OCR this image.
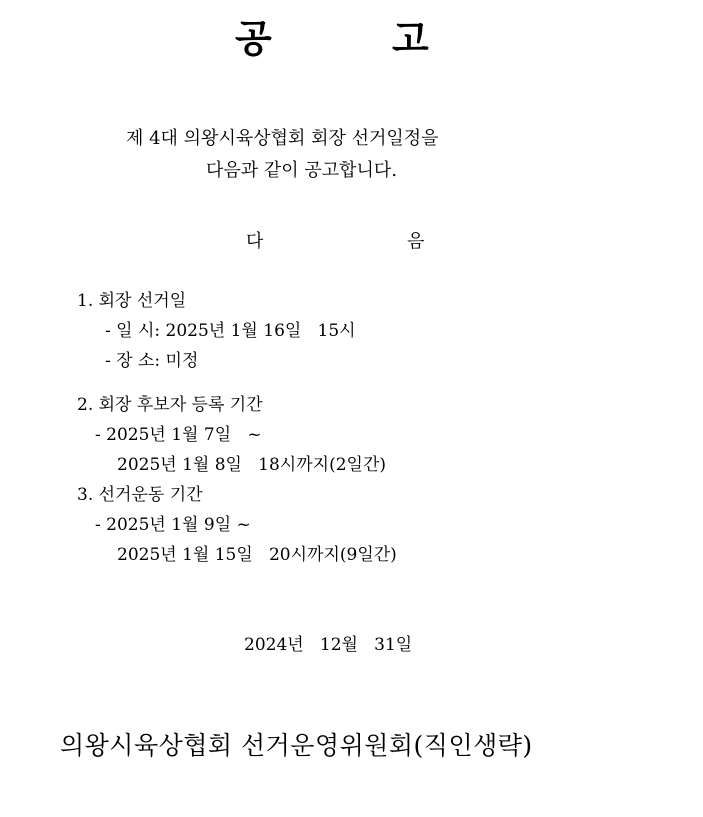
공	고
제 4대 의왕시육상협회 회장 선거일정을
다음과 같이 공고합니다.
다	음
1. 회장 선거일
- 일 시: 2025년 1월 16일   15시
- 장 소: 미정
2. 회장 후보자 등록 기간
- 2025년 1월 7일   ~
2025년 1월 8일   18시까지(2일간)
3. 선거운동 기간
- 2025년 1월 9일 ~
2025년 1월 15일   20시까지(9일간)
2024년   12월   31일
의왕시육상협회 선거운영위원회(직인생략)
